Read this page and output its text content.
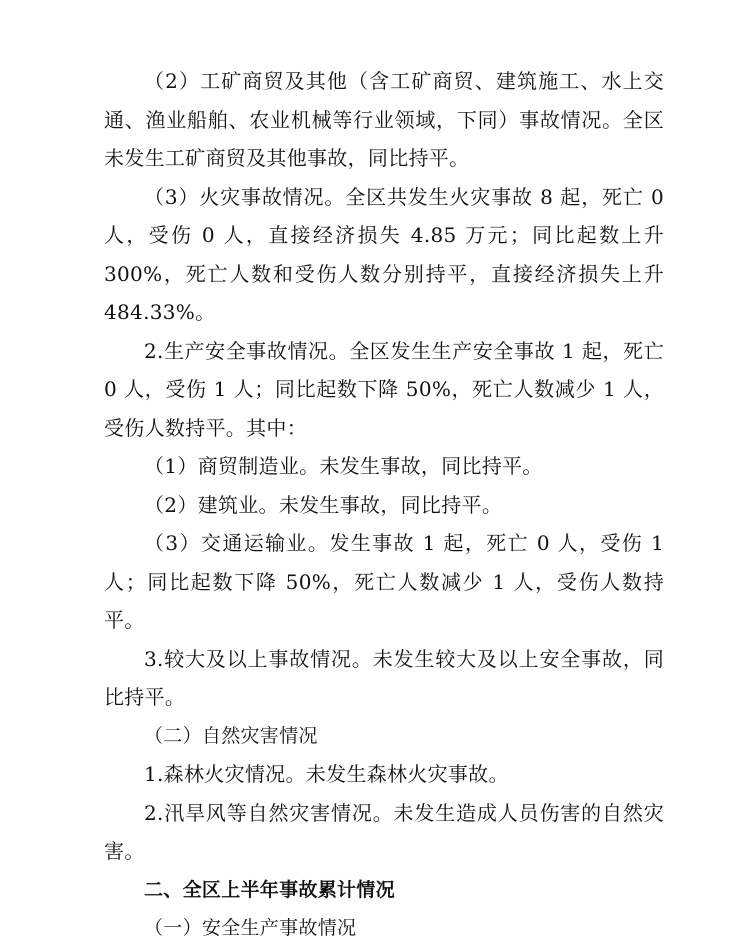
（2）工矿商贸及其他（含工矿商贸、建筑施工、水上交通、渔业船舶、农业机械等行业领域，下同）事故情况。全区未发生工矿商贸及其他事故，同比持平。

（3）火灾事故情况。全区共发生火灾事故 8 起，死亡 0 人，受伤 0 人，直接经济损失 4.85 万元；同比起数上升 300%，死亡人数和受伤人数分别持平，直接经济损失上升 484.33%。

2.生产安全事故情况。全区发生生产安全事故 1 起，死亡 0 人，受伤 1 人；同比起数下降 50%，死亡人数减少 1 人，受伤人数持平。其中：

（1）商贸制造业。未发生事故，同比持平。

（2）建筑业。未发生事故，同比持平。

（3）交通运输业。发生事故 1 起，死亡 0 人，受伤 1 人；同比起数下降 50%，死亡人数减少 1 人，受伤人数持平。

3.较大及以上事故情况。未发生较大及以上安全事故，同比持平。

（二）自然灾害情况

1.森林火灾情况。未发生森林火灾事故。

2.汛旱风等自然灾害情况。未发生造成人员伤害的自然灾害。

二、全区上半年事故累计情况

（一）安全生产事故情况
